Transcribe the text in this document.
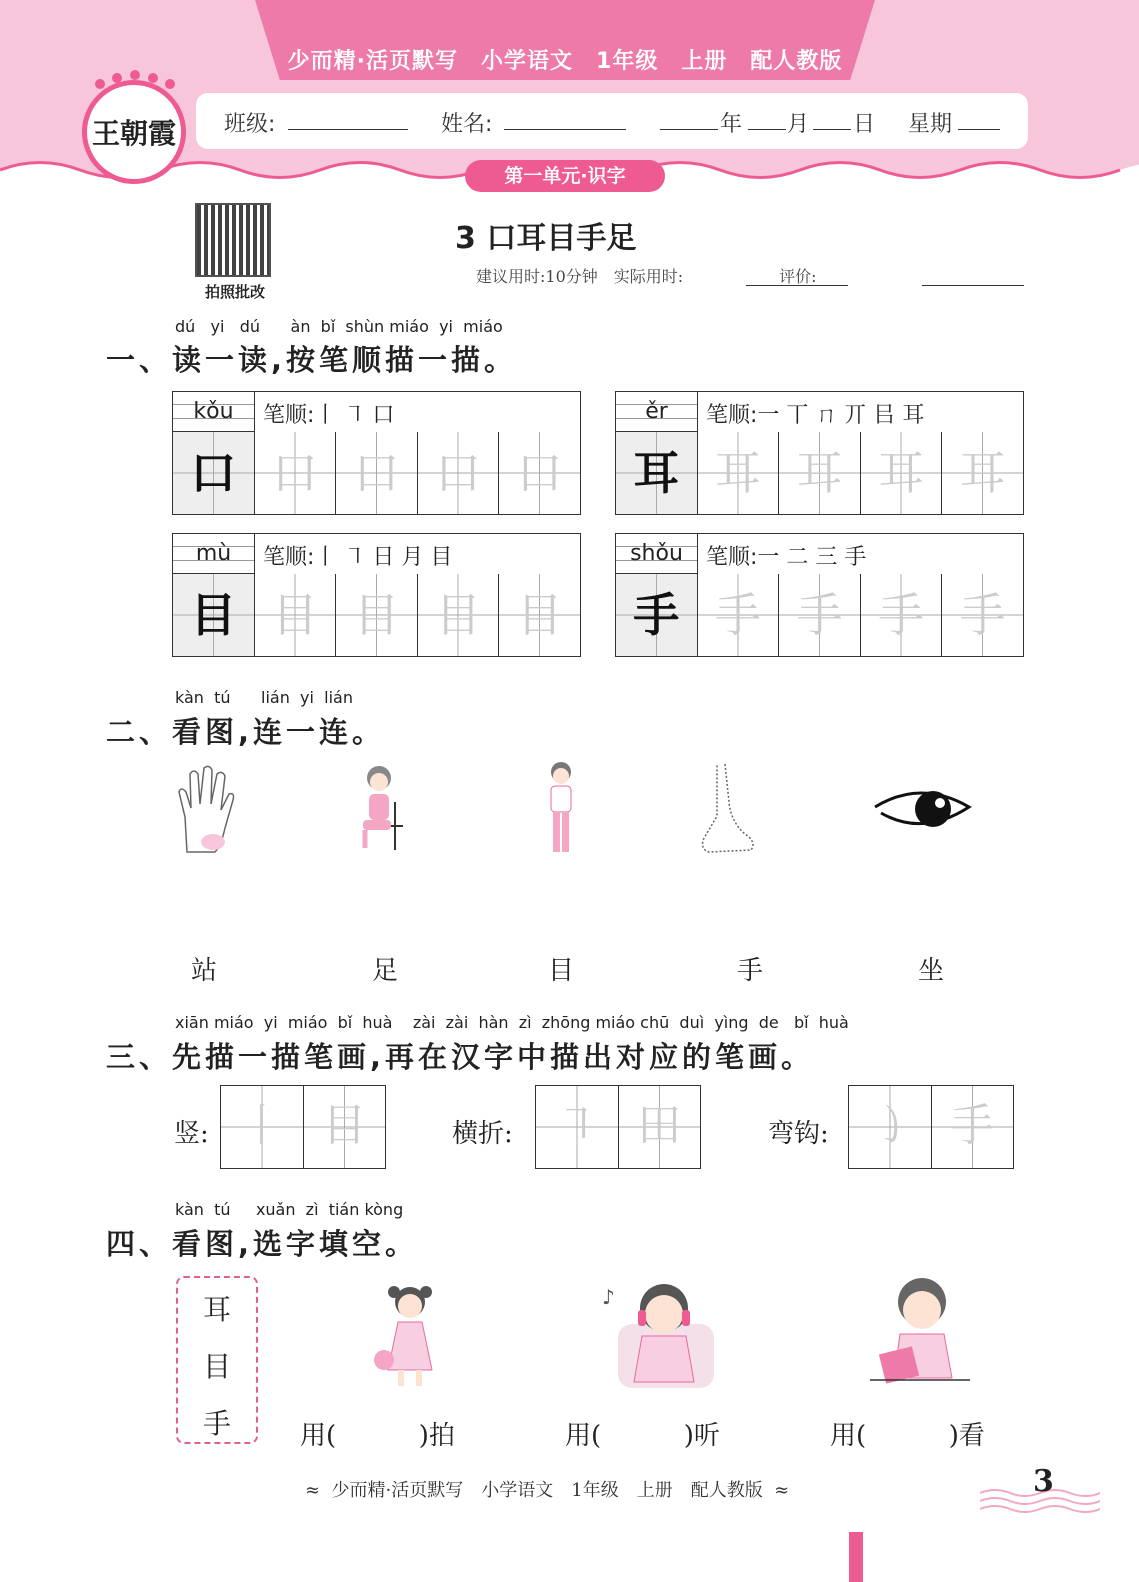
少而精·活页默写　小学语文　1年级　上册　配人教版
班级:	姓名:	年 月 日 星期
王朝霞
第一单元·识字
拍照批改
3 口耳目手足
建议用时:10分钟　实际用时:　　　　　　评价:
dú   yi   dú      àn  bǐ  shùn miáo  yi  miáo
一、读一读,按笔顺描一描。
kǒu	笔顺:丨 ㇕ 口
口 口 口 口 口
ěr	笔顺:一 丅 ㄇ 丌 㠯 耳
耳 耳 耳 耳 耳
mù	笔顺:丨 ㇕ 日 月 目
目 目 目 目 目
shǒu	笔顺:一 二 三 手
手 手 手 手 手
kàn  tú      lián  yi  lián
二、看图,连一连。
站	足	目	手	坐
xiān miáo  yi  miáo  bǐ  huà    zài  zài  hàn  zì  zhōng miáo chū  duì  yìng  de   bǐ  huà
三、先描一描笔画,再在汉字中描出对应的笔画。
竖: 丨 目	横折: ㇕ 田	弯钩: ㇁ 手
kàn  tú     xuǎn  zì  tián kòng
四、看图,选字填空。
耳
目
手
♪
用(          )拍	用(          )听	用(          )看
≈  少而精·活页默写　小学语文　1年级　上册　配人教版  ≈	3
